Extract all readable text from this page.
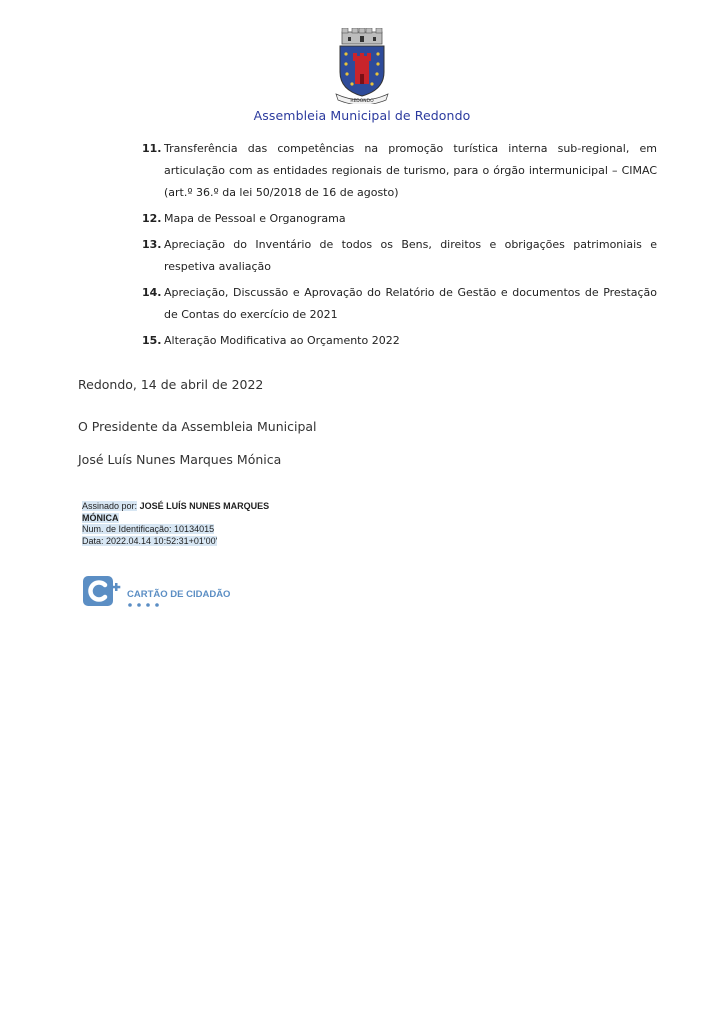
REDONDO
Assembleia Municipal de Redondo
11. Transferência das competências na promoção turística interna sub-regional, em articulação com as entidades regionais de turismo, para o órgão intermunicipal – CIMAC (art.º 36.º da lei 50/2018 de 16 de agosto)
12. Mapa de Pessoal e Organograma
13. Apreciação do Inventário de todos os Bens, direitos e obrigações patrimoniais e respetiva avaliação
14. Apreciação, Discussão e Aprovação do Relatório de Gestão e documentos de Prestação de Contas do exercício de 2021
15. Alteração Modificativa ao Orçamento 2022
Redondo, 14 de abril de 2022
O Presidente da Assembleia Municipal
José Luís Nunes Marques Mónica
Assinado por: JOSÉ LUÍS NUNES MARQUES
MÓNICA
Num. de Identificação: 10134015
Data: 2022.04.14 10:52:31+01'00'
CARTÃO DE CIDADÃO
